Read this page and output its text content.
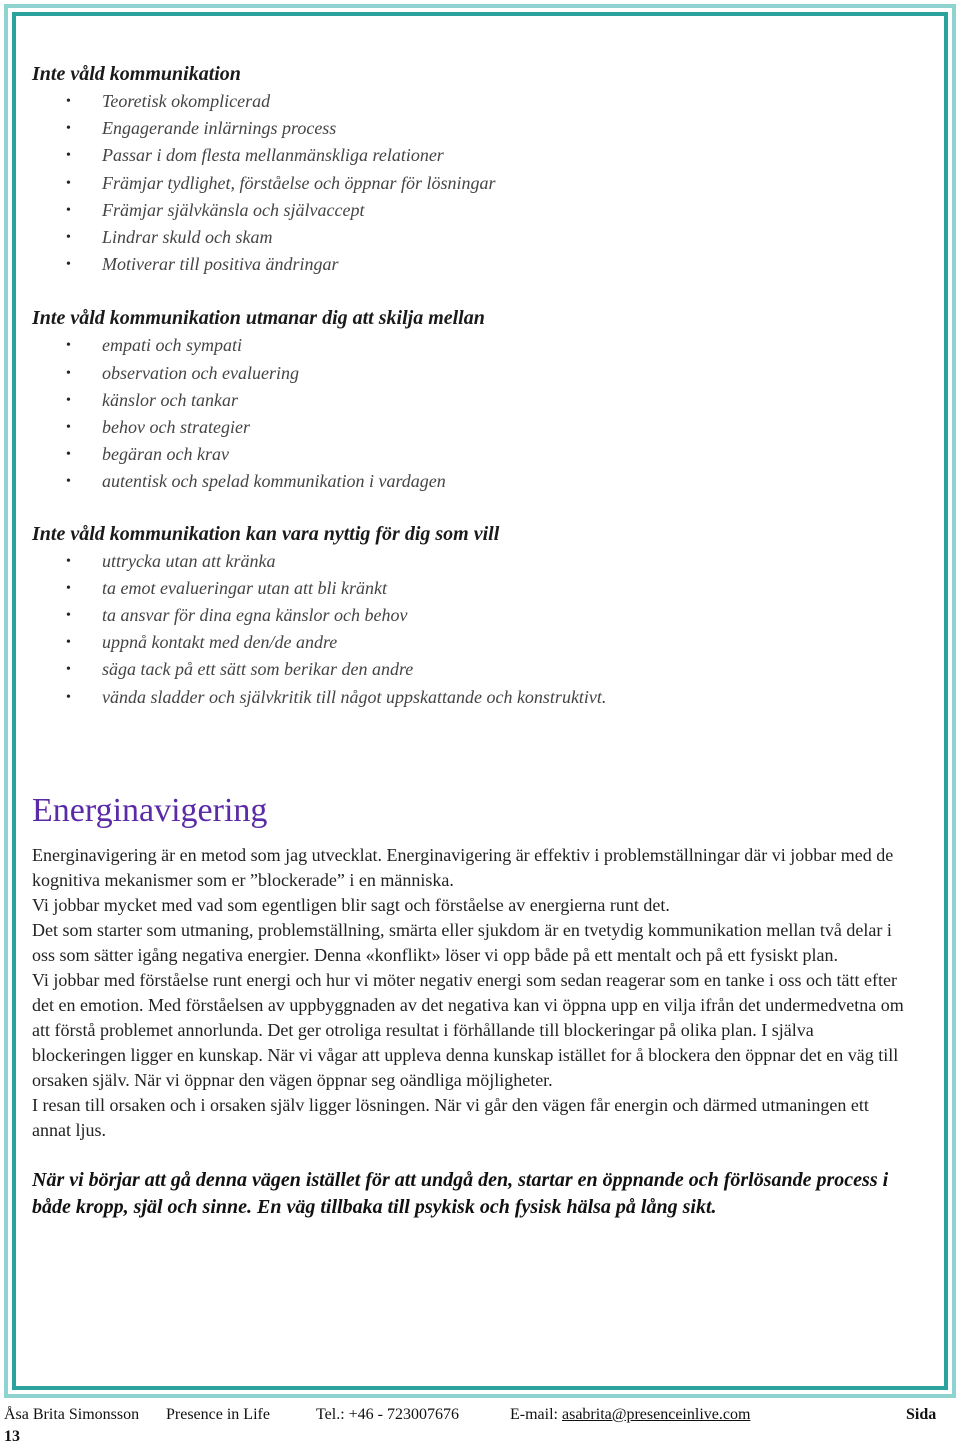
Inte våld kommunikation
• Teoretisk okomplicerad
• Engagerande inlärnings process
• Passar i dom flesta mellanmänskliga relationer
• Främjar tydlighet, förståelse och öppnar för lösningar
• Främjar självkänsla och självaccept
• Lindrar skuld och skam
• Motiverar till positiva ändringar
Inte våld kommunikation utmanar dig att skilja mellan
• empati och sympati
• observation och evaluering
• känslor och tankar
• behov och strategier
• begäran och krav
• autentisk och spelad kommunikation i vardagen
Inte våld kommunikation kan vara nyttig för dig som vill
• uttrycka utan att kränka
• ta emot evalueringar utan att bli kränkt
• ta ansvar för dina egna känslor och behov
• uppnå kontakt med den/de andre
• säga tack på ett sätt som berikar den andre
• vända sladder och självkritik till något uppskattande och konstruktivt.
Energinavigering

Energinavigering är en metod som jag utvecklat. Energinavigering är effektiv i problemställningar där vi jobbar med de kognitiva mekanismer som er ”blockerade” i en människa.

Vi jobbar mycket med vad som egentligen blir sagt och förståelse av energierna runt det.

Det som starter som utmaning, problemställning, smärta eller sjukdom är en tvetydig kommunikation mellan två delar i oss som sätter igång negativa energier. Denna «konflikt» löser vi opp både på ett mentalt och på ett fysiskt plan.

Vi jobbar med förståelse runt energi och hur vi möter negativ energi som sedan reagerar som en tanke i oss och tätt efter det en emotion. Med förståelsen av uppbyggnaden av det negativa kan vi öppna upp en vilja ifrån det undermedvetna om att förstå problemet annorlunda. Det ger otroliga resultat i förhållande till blockeringar på olika plan. I själva blockeringen ligger en kunskap. När vi vågar att uppleva denna kunskap istället for å blockera den öppnar det en väg till orsaken själv. När vi öppnar den vägen öppnar seg oändliga möjligheter.

I resan till orsaken och i orsaken själv ligger lösningen. När vi går den vägen får energin och därmed utmaningen ett annat ljus.

När vi börjar att gå denna vägen istället för att undgå den, startar en öppnande och förlösande process i både kropp, själ och sinne. En väg tillbaka till psykisk och fysisk hälsa på lång sikt.

Åsa Brita Simonsson Presence in Life	Tel.: +46 - 723007676	E-mail: asabrita@presenceinlive.com	Sida
13
